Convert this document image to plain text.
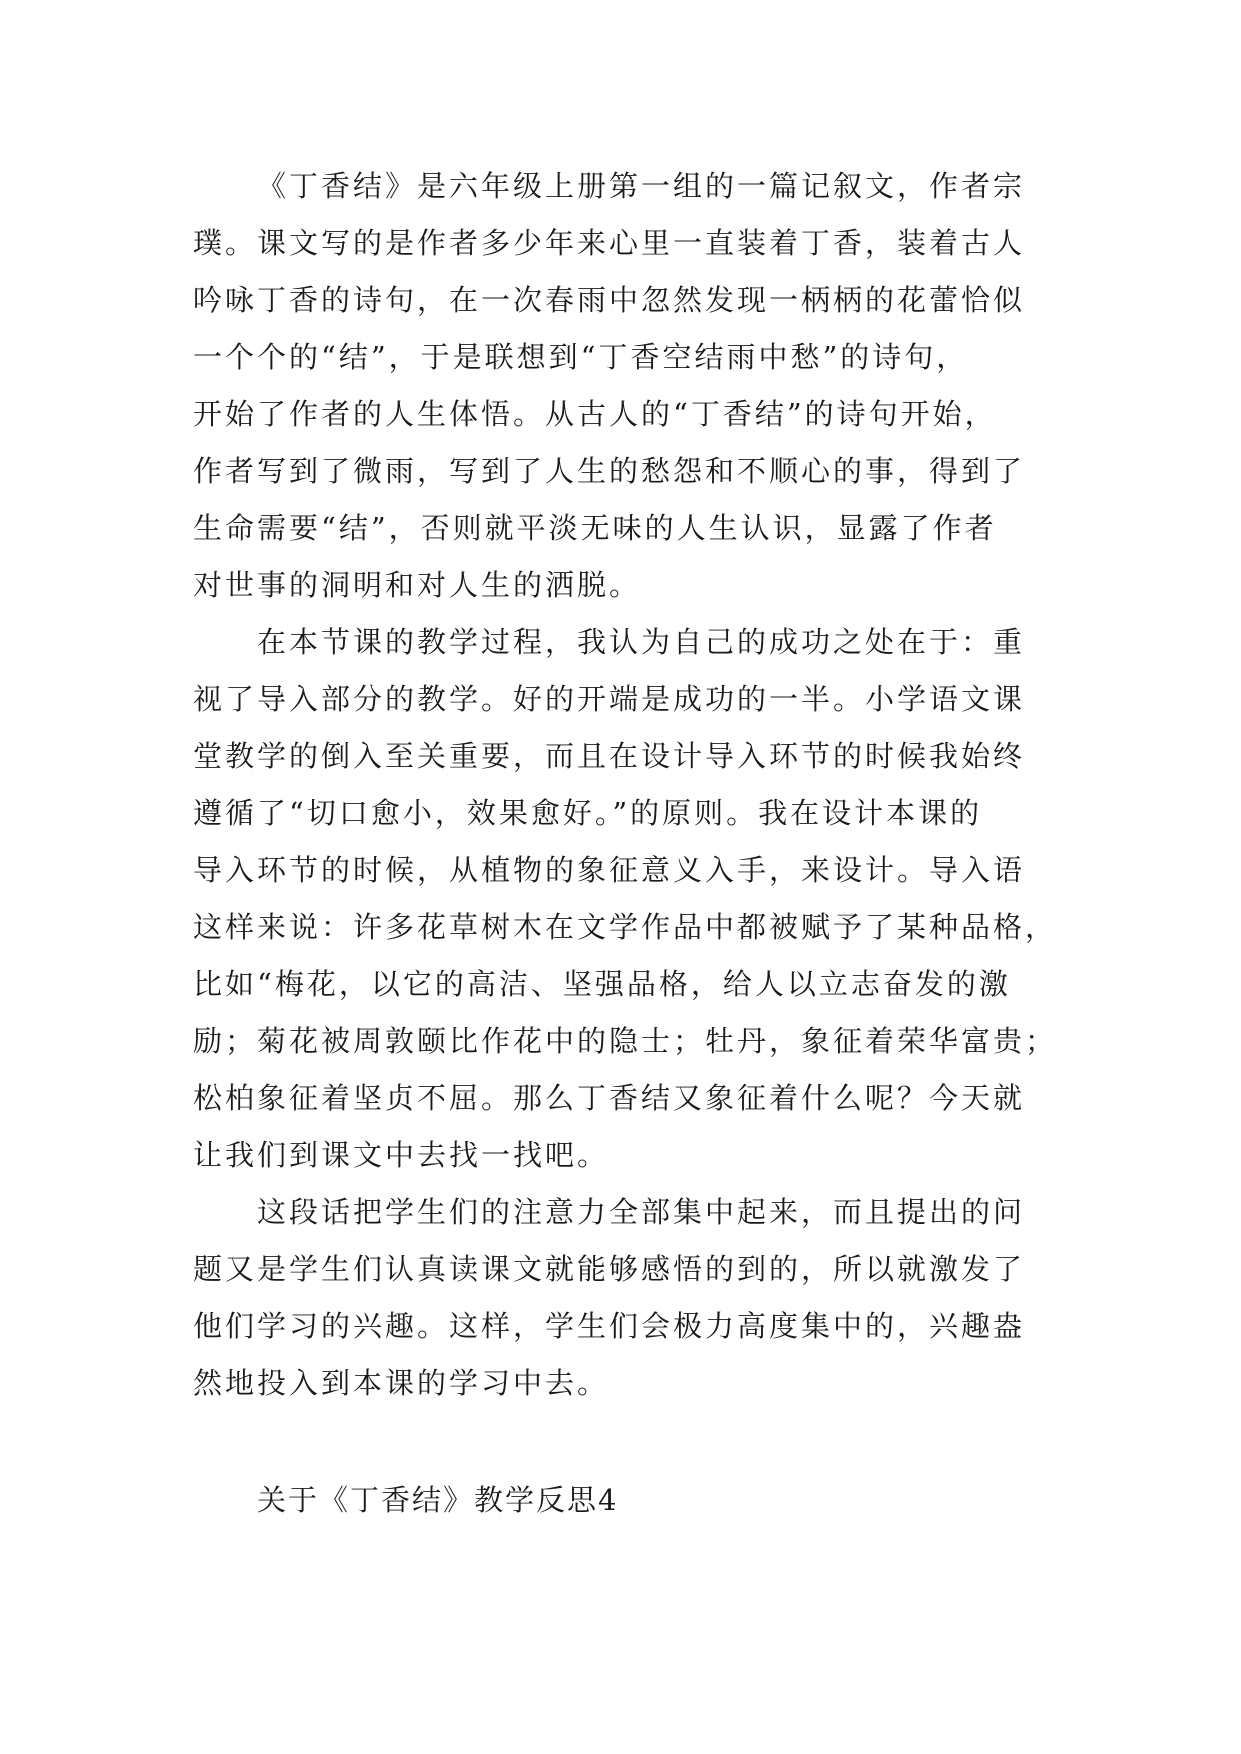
《丁香结》是六年级上册第一组的一篇记叙文，作者宗
璞。课文写的是作者多少年来心里一直装着丁香，装着古人
吟咏丁香的诗句，在一次春雨中忽然发现一柄柄的花蕾恰似
一个个的“结”，于是联想到“丁香空结雨中愁”的诗句，
开始了作者的人生体悟。从古人的“丁香结”的诗句开始，
作者写到了微雨，写到了人生的愁怨和不顺心的事，得到了
生命需要“结”，否则就平淡无味的人生认识，显露了作者
对世事的洞明和对人生的洒脱。
在本节课的教学过程，我认为自己的成功之处在于：重
视了导入部分的教学。好的开端是成功的一半。小学语文课
堂教学的倒入至关重要，而且在设计导入环节的时候我始终
遵循了“切口愈小，效果愈好。”的原则。我在设计本课的
导入环节的时候，从植物的象征意义入手，来设计。导入语
这样来说：许多花草树木在文学作品中都被赋予了某种品格，
比如“梅花，以它的高洁、坚强品格，给人以立志奋发的激
励；菊花被周敦颐比作花中的隐士；牡丹，象征着荣华富贵；
松柏象征着坚贞不屈。那么丁香结又象征着什么呢？今天就
让我们到课文中去找一找吧。
这段话把学生们的注意力全部集中起来，而且提出的问
题又是学生们认真读课文就能够感悟的到的，所以就激发了
他们学习的兴趣。这样，学生们会极力高度集中的，兴趣盎
然地投入到本课的学习中去。
关于《丁香结》教学反思4
